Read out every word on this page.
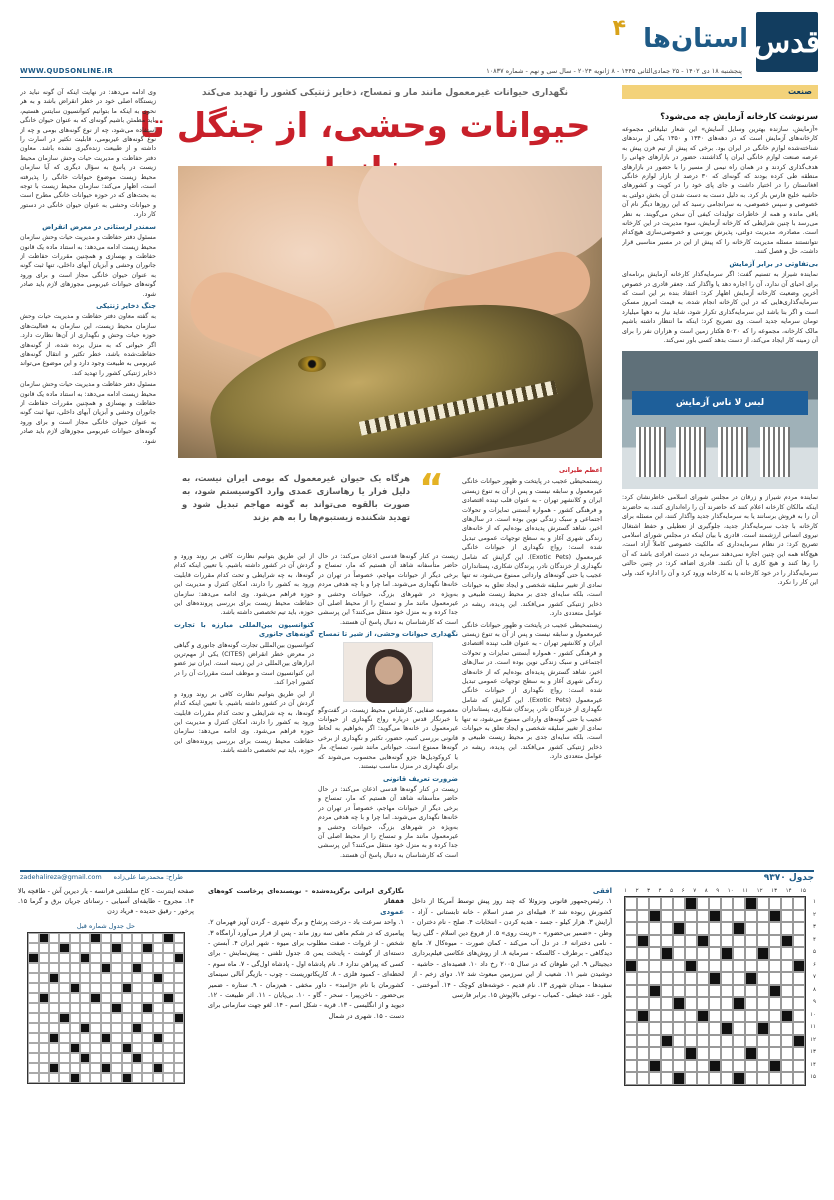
قدس
استان‌ها
۴
پنجشنبه ۱۸ دی ۱۴۰۲ - ۲۵ جمادی‌الثانی ۱۴۴۵ - ۸ ژانویه ۲۰۲۴ - سال سی و نهم - شماره ۱۰۸۳۷
WWW.QUDSONLINE.IR
صنعت
سرنوشت کارخانه آزمایش چه می‌شود؟

«آزمایش، سازنده بهترین وسایل آسایش» این شعار تبلیغاتی مجموعه کارخانه‌های آزمایش است که در دهه‌های ۱۳۴۰ و ۱۳۵۰ یکی از برندهای شناخته‌شده لوازم خانگی در ایران بود. برخی که پیش از تیم فرن پیش به عرصه صنعت لوازم خانگی ایران پا گذاشتند، حضور در بازارهای جهانی را هدف‌گذاری کردند و در همان راه نیمی از مسیر را با حضور در بازارهای منطقه طی کرده بودند که گونه‌ای که ۳۰ درصد از بازار لوازم خانگی افغانستان را در اختیار داشت و جای پای خود را در کویت و کشورهای حاشیه خلیج فارس باز کرد. به دلیل دست به دست شدن آن بخش دولتی به خصوصی و سپس خصوصی، به سرانجامی رسید که این روزها دیگر نام آن باقی مانده و همه از خاطرات تولیدات کیفی آن سخن می‌گویند. به نظر می‌رسد با چنین شرایطی که کارخانه آزمایش، سوء مدیریت در این کارخانه است. مصادره، مدیریت دولتی، پذیرش بورسی و خصوصی‌سازی هیچ‌کدام نتوانستند مسئله مدیریت کارخانه را که پیش از این در مسیر مناسبی قرار داشت، حل و فصل کنند.

بی‌تفاوتی در برابر آزمایش

نماینده شیراز به تسنیم گفت: اگر سرمایه‌گذار کارخانه آزمایش برنامه‌ای برای احیای آن ندارد، آن را اجاره دهد یا واگذار کند. جعفر قادری در خصوص آخرین وضعیت کارخانه آزمایش اظهار کرد: اعتقاد بنده بر این است که سرمایه‌گذاری‌هایی که در این کارخانه انجام شده، به قیمت امروز مسکن است و اگر بنا باشد این سرمایه‌گذاری تکرار شود، شاید نیاز به دهها میلیارد تومان سرمایه جدید است. وی تصریح کرد: اینکه ما انتظار داشته باشیم مالک کارخانه، مجموعه را که ۵۰۲۰ هکتار زمین است و هزاران نفر را برای آن زمینه کار ایجاد می‌کند، از دست بدهد کسی باور نمی‌کند.

لبس لا ناس آزمایش

نماینده مردم شیراز و زرقان در مجلس شورای اسلامی خاطرنشان کرد: اینکه مالکان کارخانه اعلام کنند که حاضرند آن را راه‌اندازی کنند، به حاضرند آن را به فروش برسانند یا به سرمایه‌گذار جدید واگذار کنند، این مسئله برای کارخانه با جذب سرمایه‌گذار جدید، جلوگیری از تعطیلی و حفظ اشتغال نیروی انسانی ارزشمند است. قادری با بیان اینکه در مجلس شورای اسلامی تصریح کرد: در نظام سرمایه‌داری که مالکیت خصوصی کاملاً آزاد است، هیچ‌گاه همه این چنین اجازه نمی‌دهند سرمایه در دست افرادی باشد که آن را رها کنند و هیچ کاری با آن نکنند. قادری اضافه کرد: در چنین حالتی سرمایه‌گذار را در خود کارخانه یا به کارخانه ورود کرد و آن را اداره کند، ولی این کار را نکرد.

نگهداری حیوانات غیرمعمول مانند مار و تمساح، ذخایر ژنتیکی کشور را تهدید می‌کند
حیوانات وحشی، از جنگل تا
“
هرگاه یک حیوان غیرمعمول که بومی ایران نیست، به دلیل فرار یا رهاسازی عمدی وارد اکوسیستم شود، به صورت بالقوه می‌تواند به گونه مهاجم تبدیل شود و تهدید شکننده زیستبوم‌ها را به هم بزند

اعظم طیرانی

زیستمحیطی عجیب در پایتخت و ظهور حیوانات خانگی غیرمعمول و سابقه نیست و پس از آن به تنوع زیستی ایران و کلانشهر تهران - به عنوان قلب تپنده اقتصادی و فرهنگی کشور - همواره آبستنی تمایزات و تحولات اجتماعی و سبک زندگی نوین بوده است. در سال‌های اخیر، شاهد گسترش پدیده‌ای بوده‌ایم که از خانه‌های زندگی شهری آغاز و به سطح توجهات عمومی تبدیل شده است: رواج نگهداری از حیوانات خانگی غیرمعمول (Exotic Pets). این گرایش که شامل نگهداری از خزندگان نادر، پرندگان شکاری، پستانداران عجیب یا حتی گونه‌های وارداتی ممنوع می‌شود، نه تنها نمادی از تغییر سلیقه شخصی و ایجاد تعلق به حیوانات است، بلکه سایه‌ای جدی بر محیط زیست طبیعی و ذخایر ژنتیکی کشور می‌افکند. این پدیده، ریشه در عوامل متعددی دارد.

زیستمحیطی عجیب در پایتخت و ظهور حیوانات خانگی غیرمعمول و سابقه نیست و پس از آن به تنوع زیستی ایران و کلانشهر تهران - به عنوان قلب تپنده اقتصادی و فرهنگی کشور - همواره آبستنی تمایزات و تحولات اجتماعی و سبک زندگی نوین بوده است. در سال‌های اخیر، شاهد گسترش پدیده‌ای بوده‌ایم که از خانه‌های زندگی شهری آغاز و به سطح توجهات عمومی تبدیل شده است: رواج نگهداری از حیوانات خانگی غیرمعمول (Exotic Pets). این گرایش که شامل نگهداری از خزندگان نادر، پرندگان شکاری، پستانداران عجیب یا حتی گونه‌های وارداتی ممنوع می‌شود، نه تنها نمادی از تغییر سلیقه شخصی و ایجاد تعلق به حیوانات است، بلکه سایه‌ای جدی بر محیط زیست طبیعی و ذخایر ژنتیکی کشور می‌افکند. این پدیده، ریشه در عوامل متعددی دارد.

زیست در کنار گونه‌ها قدسی اذعان می‌کند: در حال حاضر متأسفانه شاهد آن هستیم که مار، تمساح و برخی دیگر از حیوانات مهاجم، خصوصاً در تهران در خانه‌ها نگهداری می‌شوند. اما چرا و با چه هدفی مردم به‌ویژه در شهرهای بزرگ، حیوانات وحشی و غیرمعمول مانند مار و تمساح را از محیط اصلی آن جدا کرده و به منزل خود منتقل می‌کنند؟ این پرسشی است که کارشناسان به دنبال پاسخ آن هستند.

نگهداری حیوانات وحشی، از شیر تا تمساح

معصومه صفایی، کارشناس محیط زیست، در گفت‌وگو با خبرنگار قدس درباره رواج نگهداری از حیوانات غیرمعمول در خانه‌ها می‌گوید: اگر بخواهیم به لحاظ قانونی بررسی کنیم، حضور، تکثیر و نگهداری از برخی گونه‌ها ممنوع است. حیواناتی مانند شیر، تمساح، مار یا کروکودیل‌ها جزو گونه‌هایی محسوب می‌شوند که برای نگهداری در منزل مناسب نیستند.

ضرورت تعریف قانونی

زیست در کنار گونه‌ها قدسی اذعان می‌کند: در حال حاضر متأسفانه شاهد آن هستیم که مار، تمساح و برخی دیگر از حیوانات مهاجم، خصوصاً در تهران در خانه‌ها نگهداری می‌شوند. اما چرا و با چه هدفی مردم به‌ویژه در شهرهای بزرگ، حیوانات وحشی و غیرمعمول مانند مار و تمساح را از محیط اصلی آن جدا کرده و به منزل خود منتقل می‌کنند؟ این پرسشی است که کارشناسان به دنبال پاسخ آن هستند.

از این طریق بتوانیم نظارت کافی بر روند ورود و گردش آن در کشور داشته باشیم. با تعیین اینکه کدام گونه‌ها، به چه شرایطی و تحت کدام مقررات قابلیت ورود به کشور را دارند، امکان کنترل و مدیریت این حوزه فراهم می‌شود. وی ادامه می‌دهد: سازمان حفاظت محیط زیست برای بررسی پرونده‌های این حوزه، باید تیم تخصصی داشته باشد.

کنوانسیون بین‌المللی مبارزه با تجارت گونه‌های جانوری

کنوانسیون بین‌المللی تجارت گونه‌های جانوری و گیاهی در معرض خطر انقراض (CITES) یکی از مهم‌ترین ابزارهای بین‌المللی در این زمینه است. ایران نیز عضو این کنوانسیون است و موظف است مقررات آن را در کشور اجرا کند.

از این طریق بتوانیم نظارت کافی بر روند ورود و گردش آن در کشور داشته باشیم. با تعیین اینکه کدام گونه‌ها، به چه شرایطی و تحت کدام مقررات قابلیت ورود به کشور را دارند، امکان کنترل و مدیریت این حوزه فراهم می‌شود. وی ادامه می‌دهد: سازمان حفاظت محیط زیست برای بررسی پرونده‌های این حوزه، باید تیم تخصصی داشته باشد.

وی ادامه می‌دهد: در نهایت اینکه آن گونه نباید در زیستگاه اصلی خود در خطر انقراض باشد و به هر نحوی به اینکه ما بتوانیم کنوانسیون سایتس هستیم، باید مطمئن باشیم گونه‌ای که به عنوان حیوان خانگی استفاده می‌شود، چه از نوع گونه‌های بومی و چه از نوع گونه‌های غیربومی، قابلیت تکثیر در اسارت را داشته و از طبیعت زنده‌گیری نشده باشد. معاون دفتر حفاظت و مدیریت حیات وحش سازمان محیط زیست در پاسخ به سؤال دیگری که آیا سازمان محیط زیست موضوع حیوانات خانگی را پذیرفته است، اظهار می‌کند: سازمان محیط زیست با توجه به بحث‌های که در حوزه حیوانات خانگی مطرح است و حیوانات وحشی به عنوان حیوان خانگی در دستور کار دارد.

سمندر لرستانی در معرض انقراض

مسئول دفتر حفاظت و مدیریت حیات وحش سازمان محیط زیست ادامه می‌دهد: به استناد ماده یک قانون حفاظت و بهسازی و همچنین مقررات حفاظت از جانوران وحشی و آبزیان آبهای داخلی، تنها ثبت گونه به عنوان حیوان خانگی مجاز است و برای ورود گونه‌های حیوانات غیربومی مجوزهای لازم باید صادر شود.

جنگ ذخایر ژنتیکی

به گفته معاون دفتر حفاظت و مدیریت حیات وحش سازمان محیط زیست، این سازمان به فعالیت‌های حوزه حیات وحش و نگهداری از آن‌ها نظارت دارد. اگر حیوانی که به منزل برده شده، از گونه‌های حفاظت‌شده باشد، خطر تکثیر و انتقال گونه‌های غیربومی به طبیعت وجود دارد و این موضوع می‌تواند ذخایر ژنتیکی کشور را تهدید کند.

مسئول دفتر حفاظت و مدیریت حیات وحش سازمان محیط زیست ادامه می‌دهد: به استناد ماده یک قانون حفاظت و بهسازی و همچنین مقررات حفاظت از جانوران وحشی و آبزیان آبهای داخلی، تنها ثبت گونه به عنوان حیوان خانگی مجاز است و برای ورود گونه‌های حیوانات غیربومی مجوزهای لازم باید صادر شود.

جدول ۹۳۷۰
طراح: محمدرضا علی‌زاده
zadehalireza@gmail.com
۱۵
۱۴
۱۳
۱۲
۱۱
۱۰
۹
۸
۷
۶
۵
۴
۳
۲
۱
۱
۲
۳
۴
۵
۶
۷
۸
۹
۱۰
۱۱
۱۲
۱۳
۱۴
۱۵
افقی
۱. رئیس‌جمهور قانونی ونزوئلا که چند روز پیش توسط آمریکا از داخل کشورش ربوده شد ۲. قبیله‌ای در صدر اسلام - خانه تابستانی - آزاد - آرایش ۳. هزار کیلو - جسد - هدیه کردن - انتخابات ۴. صلح - نام دختران - وطن - «ضمیر بی‌حضور» - «زینت روی» ۵. از فروع دین اسلام - گلی زیبا - نامی دخترانه ۶. در دل آب می‌کند - کمان صورت - میوه‌کال ۷. مانع دیدگاهی - برطرف - کالسکه - سرمایه ۸. از روش‌های عکاسی فیلم‌برداری دیجیتالی ۹. ابن طوفان که در سال ۲۰۰۵ رخ داد ۱۰. قصیده‌ای - حاشیه - دوشیدن شیر ۱۱. شعیب از این سرزمین مبعوث شد ۱۲. دوای زخم - از سفیدها - میدان شهری ۱۳. نام قدیم - خوشه‌های کوچک - ۱۴. آموختنی - بلوز - عدد خیطی - کمیاب - نوعی بالاپوش ۱۵. برابر فارسی
نگارگری ایرانی برگزیده‌شده - نویسنده‌ای پرخاست کوه‌های قفقاز
عمودی
۱. واحد سرعت باد - درخت پرشاخ و برگ شهری - گردن آویز فهرمان ۲. پیامبری که در شکم ماهی سه روز ماند - پس از قرار می‌آورد آرامگاه ۳. شخص - از غزوات - صفت مطلوب برای میوه - شهر ایران ۴. آبستن - دسته‌ای از گوشت - پایتخت یمن ۵. جدول تلفنی - پیش‌نمایش - برای کسی که پیراهن ندارد ۶. نام پادشاه اول - پادشاه اول‌گی - ۷. ماه سوم - لحظه‌ای - کمبود فلزی - ۸. کاریکاتوریست - چوب - بازیگر آنالی سینمای کشورمان با نام «ژامبد» - داور مخفی - هم‌زمان - ۹. ستاره - ضمیر بی‌حضور - ناخن‌پیرا - سحر - گاو - ۱۰. بی‌پایان - ۱۱. اثر طبیعت - ۱۲. دیوید و از انگلیسی - ۱۳. قریه - شکل اسم - ۱۴. لغو جهت سازمانی برای دست - ۱۵. شهری در شمال
صفحه اینترنت - کاخ سلطنتی فرانسه - یار دیرین آش - طاقچه بالا ۱۴. مجروح - طایفه‌ای آسیایی - رسانای جریان برق و گرما ۱۵. پرخور - رقیق حدیده - فریاد زدن
حل جدول شماره قبل
